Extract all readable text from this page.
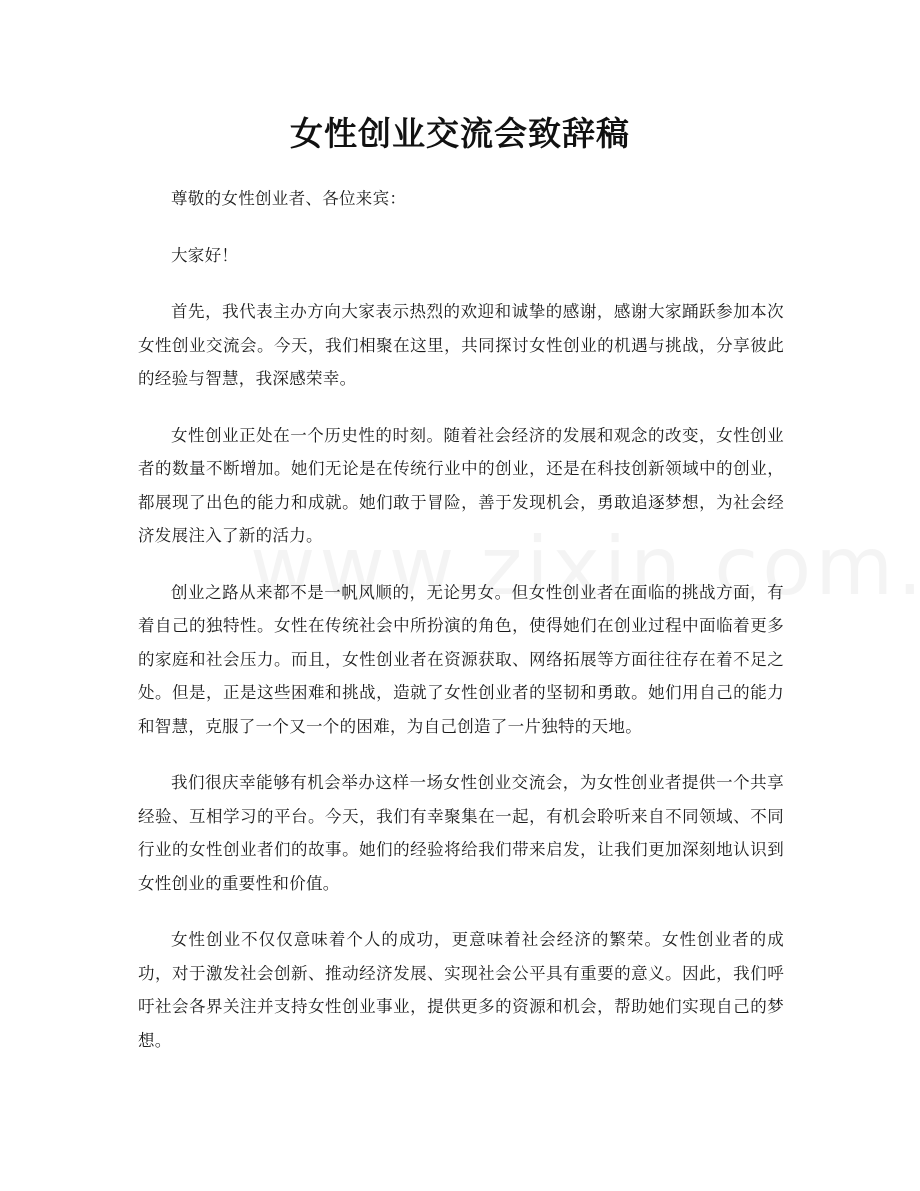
女性创业交流会致辞稿

尊敬的女性创业者、各位来宾：

大家好！

首先，我代表主办方向大家表示热烈的欢迎和诚挚的感谢，感谢大家踊跃参加本次女性创业交流会。今天，我们相聚在这里，共同探讨女性创业的机遇与挑战，分享彼此的经验与智慧，我深感荣幸。

女性创业正处在一个历史性的时刻。随着社会经济的发展和观念的改变，女性创业者的数量不断增加。她们无论是在传统行业中的创业，还是在科技创新领域中的创业，都展现了出色的能力和成就。她们敢于冒险，善于发现机会，勇敢追逐梦想，为社会经济发展注入了新的活力。

创业之路从来都不是一帆风顺的，无论男女。但女性创业者在面临的挑战方面，有着自己的独特性。女性在传统社会中所扮演的角色，使得她们在创业过程中面临着更多的家庭和社会压力。而且，女性创业者在资源获取、网络拓展等方面往往存在着不足之处。但是，正是这些困难和挑战，造就了女性创业者的坚韧和勇敢。她们用自己的能力和智慧，克服了一个又一个的困难，为自己创造了一片独特的天地。

我们很庆幸能够有机会举办这样一场女性创业交流会，为女性创业者提供一个共享经验、互相学习的平台。今天，我们有幸聚集在一起，有机会聆听来自不同领域、不同行业的女性创业者们的故事。她们的经验将给我们带来启发，让我们更加深刻地认识到女性创业的重要性和价值。

女性创业不仅仅意味着个人的成功，更意味着社会经济的繁荣。女性创业者的成功，对于激发社会创新、推动经济发展、实现社会公平具有重要的意义。因此，我们呼吁社会各界关注并支持女性创业事业，提供更多的资源和机会，帮助她们实现自己的梦想。
